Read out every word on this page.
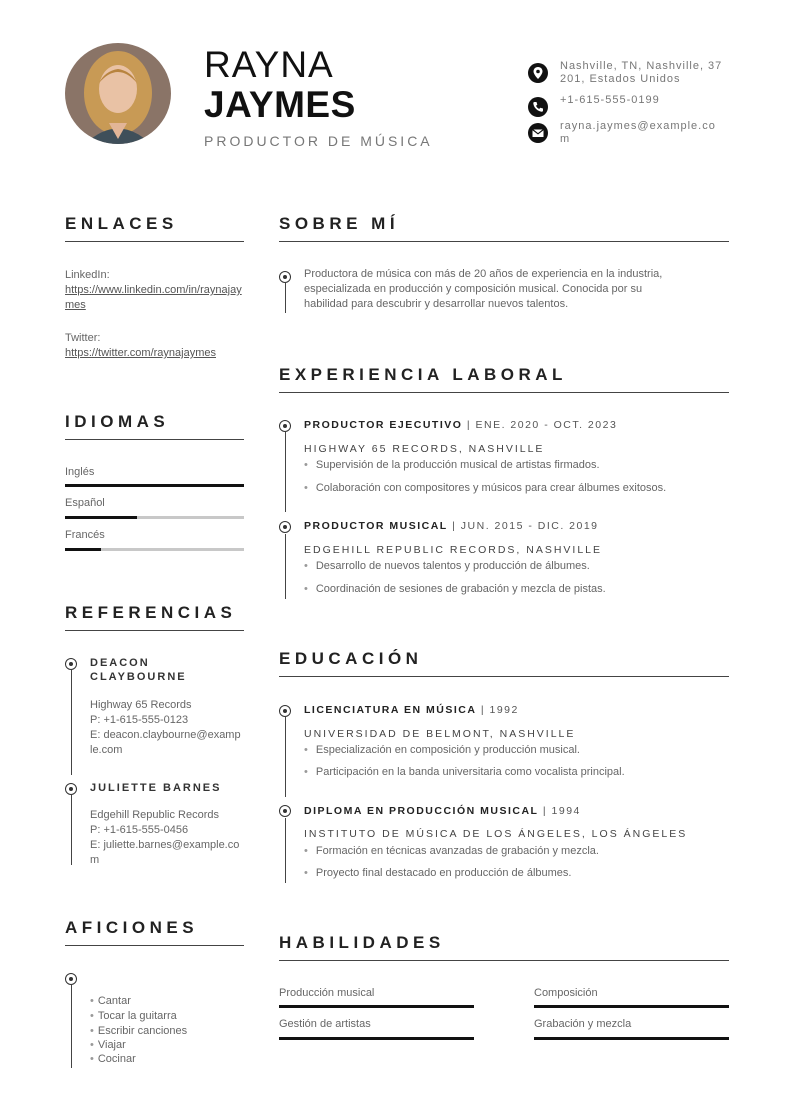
RAYNA
JAYMES
PRODUCTOR DE MÚSICA
Nashville, TN, Nashville, 37201, Estados Unidos
+1-615-555-0199
rayna.jaymes@example.com
ENLACES
LinkedIn:
https://www.linkedin.com/in/raynajaymes
Twitter:
https://twitter.com/raynajaymes
IDIOMAS
Inglés
Español
Francés
REFERENCIAS
DEACON CLAYBOURNE
Highway 65 Records
P: +1-615-555-0123
E: deacon.claybourne@example.com
JULIETTE BARNES
Edgehill Republic Records
P: +1-615-555-0456
E: juliette.barnes@example.com
AFICIONES
• Cantar
• Tocar la guitarra
• Escribir canciones
• Viajar
• Cocinar
SOBRE MÍ
Productora de música con más de 20 años de experiencia en la industria,
especializada en producción y composición musical. Conocida por su
habilidad para descubrir y desarrollar nuevos talentos.
EXPERIENCIA LABORAL
PRODUCTOR EJECUTIVO | ENE. 2020 - OCT. 2023
HIGHWAY 65 RECORDS, NASHVILLE
• Supervisión de la producción musical de artistas firmados.
• Colaboración con compositores y músicos para crear álbumes exitosos.
PRODUCTOR MUSICAL | JUN. 2015 - DIC. 2019
EDGEHILL REPUBLIC RECORDS, NASHVILLE
• Desarrollo de nuevos talentos y producción de álbumes.
• Coordinación de sesiones de grabación y mezcla de pistas.
EDUCACIÓN
LICENCIATURA EN MÚSICA | 1992
UNIVERSIDAD DE BELMONT, NASHVILLE
• Especialización en composición y producción musical.
• Participación en la banda universitaria como vocalista principal.
DIPLOMA EN PRODUCCIÓN MUSICAL | 1994
INSTITUTO DE MÚSICA DE LOS ÁNGELES, LOS ÁNGELES
• Formación en técnicas avanzadas de grabación y mezcla.
• Proyecto final destacado en producción de álbumes.
HABILIDADES
Producción musical	Composición
Gestión de artistas	Grabación y mezcla
